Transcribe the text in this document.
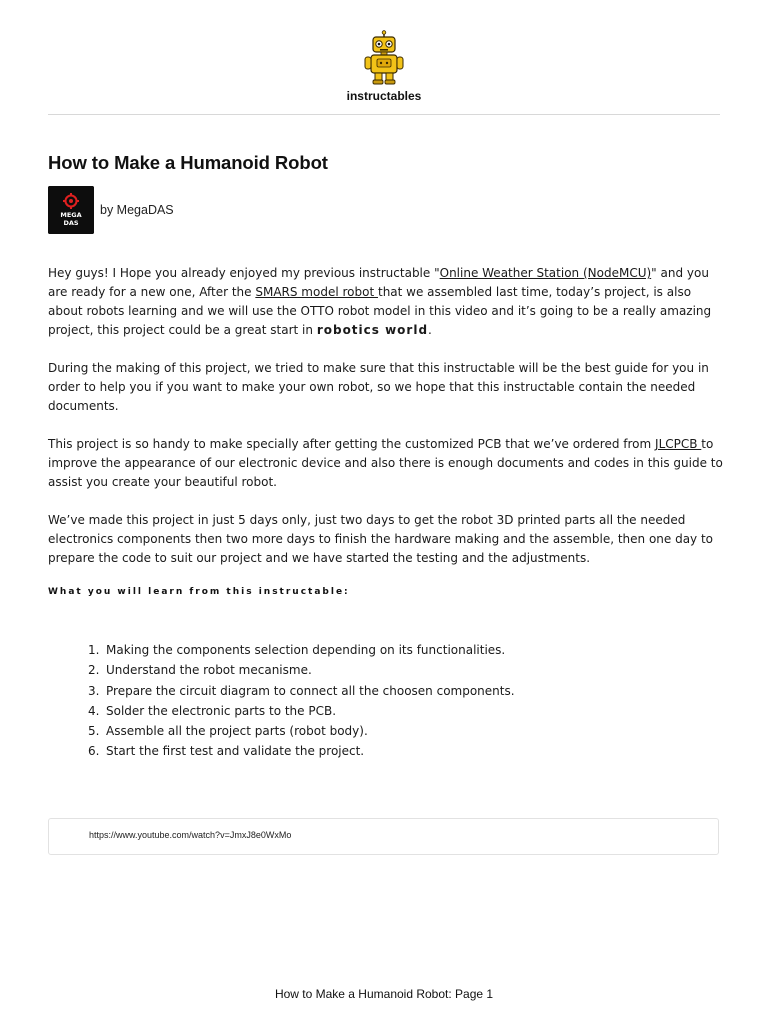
instructables
How to Make a Humanoid Robot
MEGA
DAS
by MegaDAS

Hey guys! I Hope you already enjoyed my previous instructable "Online Weather Station (NodeMCU)" and you are ready for a new one, After the SMARS model robot that we assembled last time, today’s project, is also about robots learning and we will use the OTTO robot model in this video and it’s going to be a really amazing project, this project could be a great start in robotics world.

During the making of this project, we tried to make sure that this instructable will be the best guide for you in order to help you if you want to make your own robot, so we hope that this instructable contain the needed documents.

This project is so handy to make specially after getting the customized PCB that we’ve ordered from JLCPCB to improve the appearance of our electronic device and also there is enough documents and codes in this guide to assist you create your beautiful robot.

We’ve made this project in just 5 days only, just two days to get the robot 3D printed parts all the needed electronics components then two more days to finish the hardware making and the assemble, then one day to prepare the code to suit our project and we have started the testing and the adjustments.

What you will learn from this instructable:
1. Making the components selection depending on its functionalities.
2. Understand the robot mecanisme.
3. Prepare the circuit diagram to connect all the choosen components.
4. Solder the electronic parts to the PCB.
5. Assemble all the project parts (robot body).
6. Start the first test and validate the project.
https://www.youtube.com/watch?v=JmxJ8e0WxMo
How to Make a Humanoid Robot: Page 1
